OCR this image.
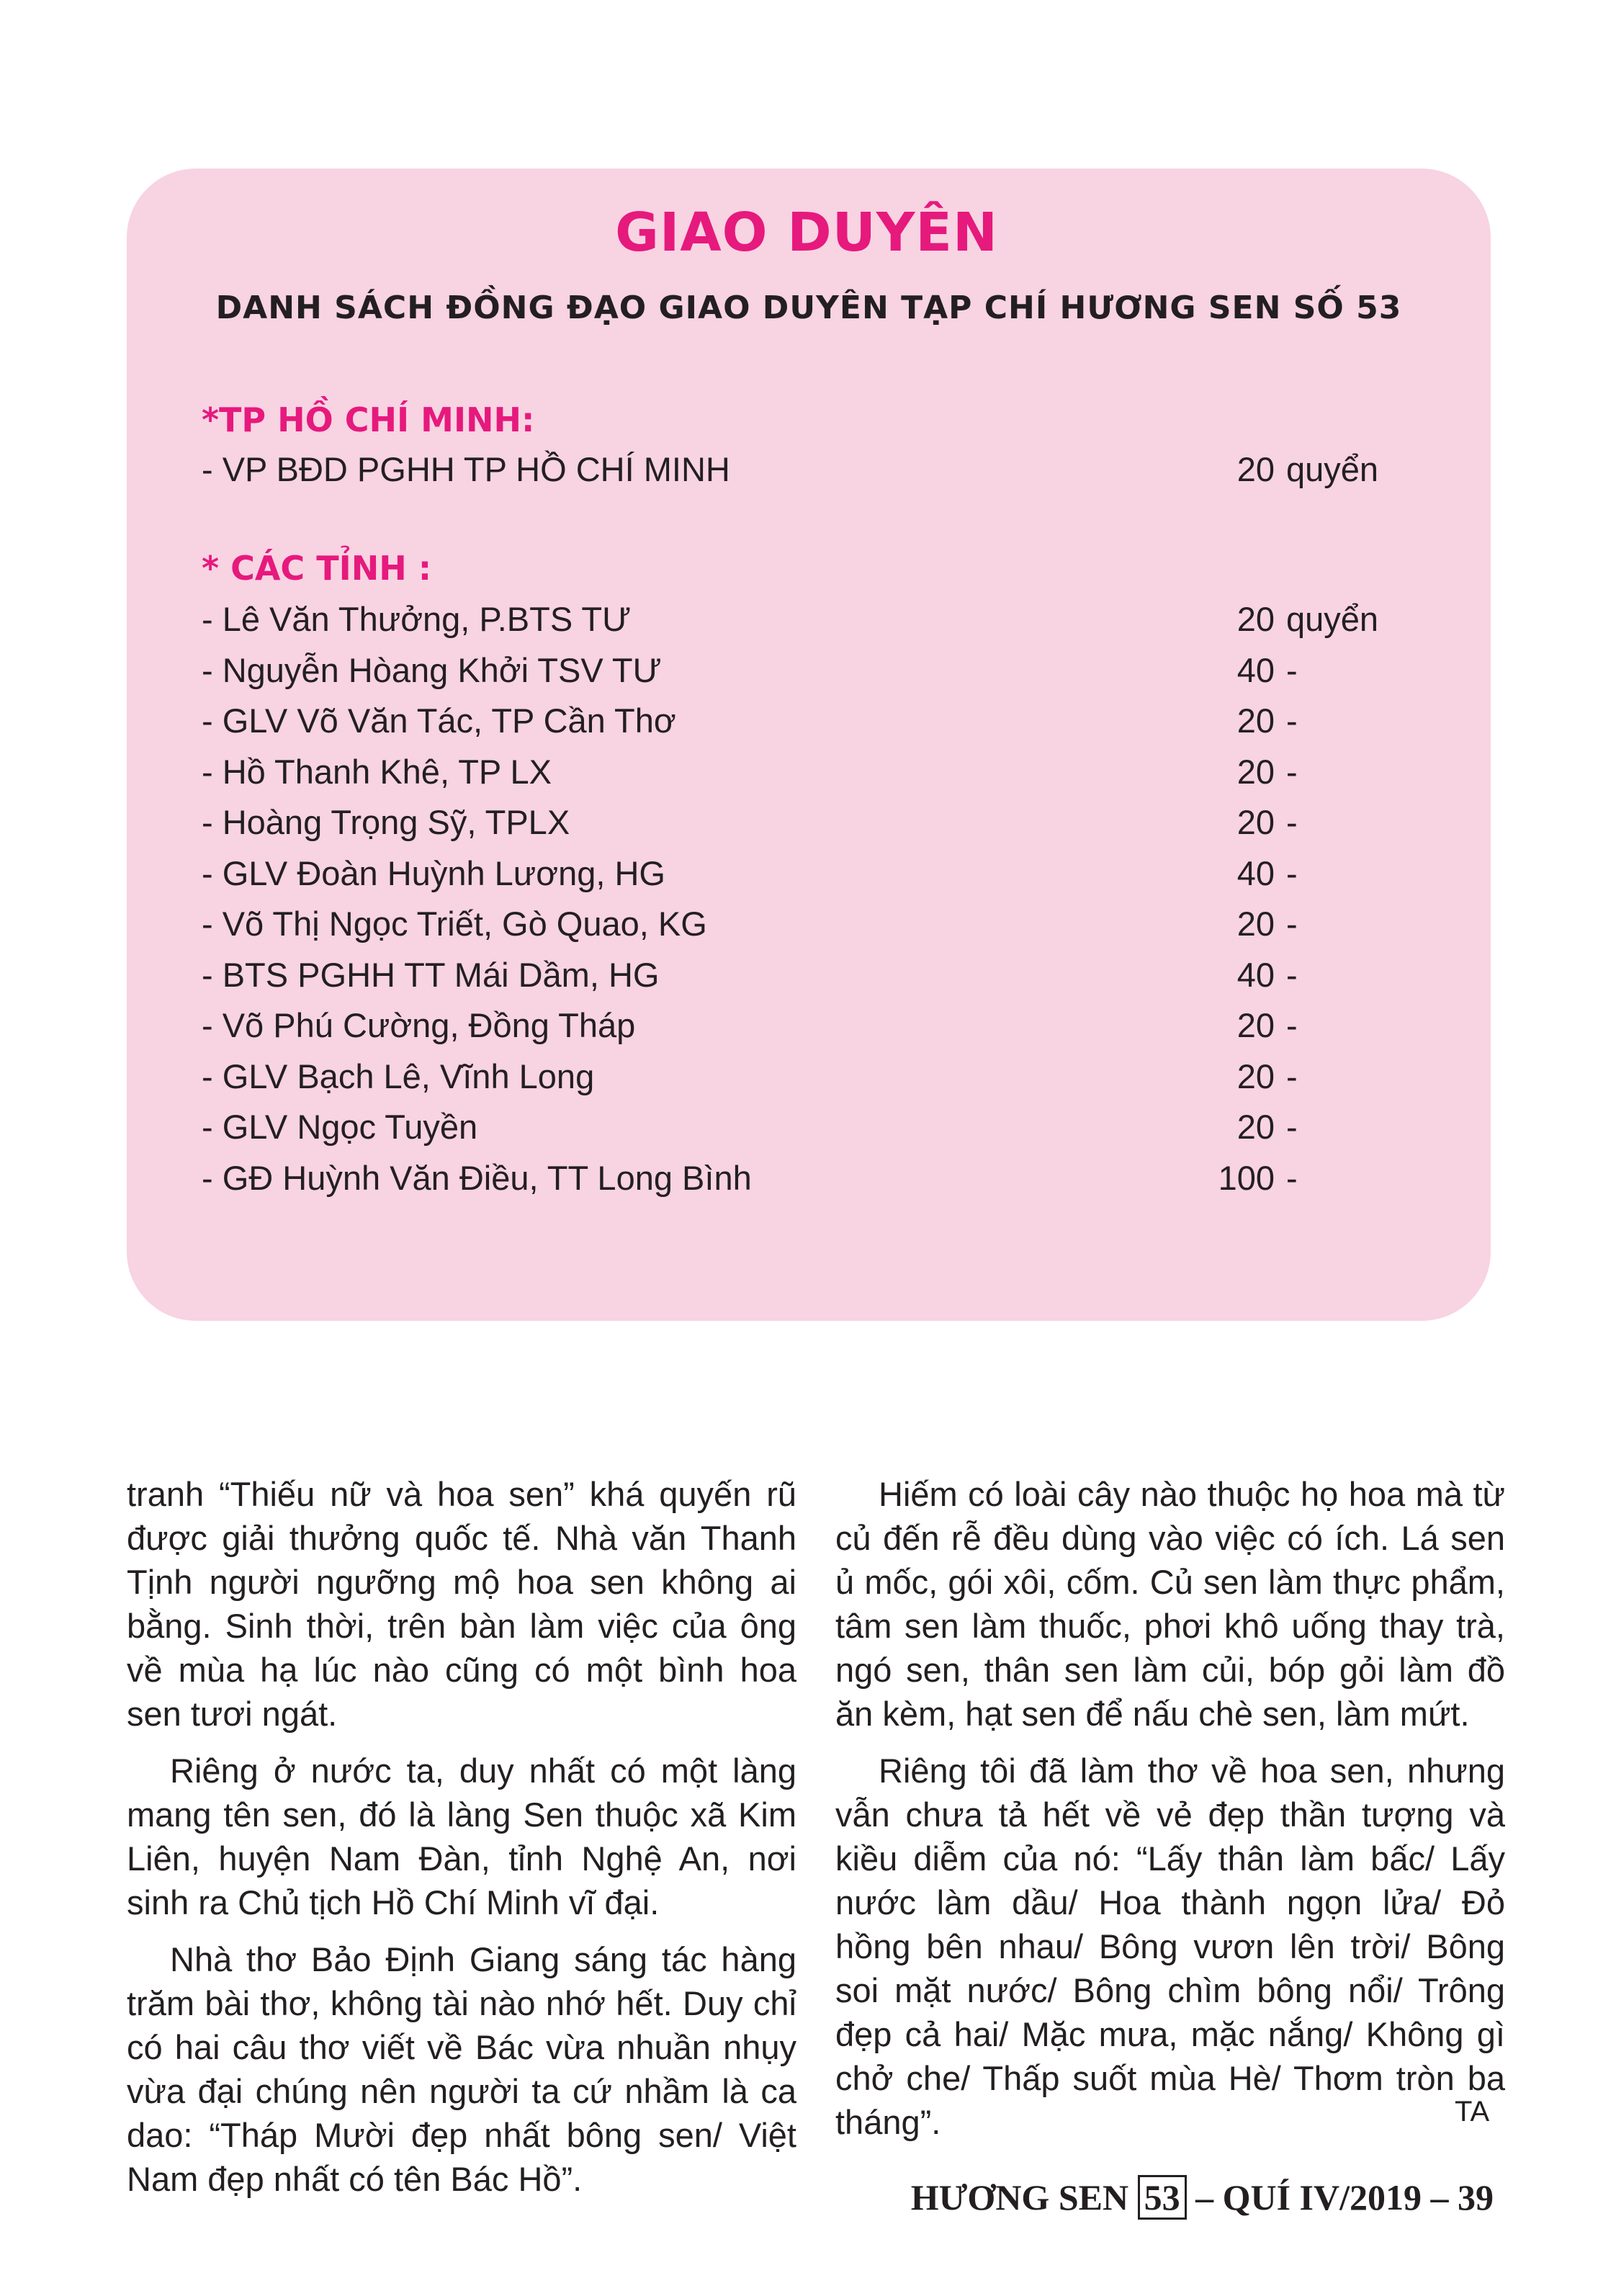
GIAO DUYÊN
DANH SÁCH ĐỒNG ĐẠO GIAO DUYÊN TẠP CHÍ HƯƠNG SEN SỐ 53
*TP HỒ CHÍ MINH:
- VP BĐD PGHH TP HỒ CHÍ MINH	20 quyển
* CÁC TỈNH :
- Lê Văn Thưởng, P.BTS TƯ	20 quyển
- Nguyễn Hòang Khởi TSV TƯ	40 -
- GLV Võ Văn Tác, TP Cần Thơ	20 -
- Hồ Thanh Khê, TP LX	20 -
- Hoàng Trọng Sỹ, TPLX	20 -
- GLV Đoàn Huỳnh Lương, HG	40 -
- Võ Thị Ngọc Triết, Gò Quao, KG	20 -
- BTS PGHH TT Mái Dầm, HG	40 -
- Võ Phú Cường, Đồng Tháp	20 -
- GLV Bạch Lê, Vĩnh Long	20 -
- GLV Ngọc Tuyền	20 -
- GĐ Huỳnh Văn Điều, TT Long Bình	100 -

tranh “Thiếu nữ và hoa sen” khá quyến rũ được giải thưởng quốc tế. Nhà văn Thanh Tịnh người ngưỡng mộ hoa sen không ai bằng. Sinh thời, trên bàn làm việc của ông về mùa hạ lúc nào cũng có một bình hoa sen tươi ngát.

Riêng ở nước ta, duy nhất có một làng mang tên sen, đó là làng Sen thuộc xã Kim Liên, huyện Nam Đàn, tỉnh Nghệ An, nơi sinh ra Chủ tịch Hồ Chí Minh vĩ đại.

Nhà thơ Bảo Định Giang sáng tác hàng trăm bài thơ, không tài nào nhớ hết. Duy chỉ có hai câu thơ viết về Bác vừa nhuần nhụy vừa đại chúng nên người ta cứ nhầm là ca dao: “Tháp Mười đẹp nhất bông sen/ Việt Nam đẹp nhất có tên Bác Hồ”.

Hiếm có loài cây nào thuộc họ hoa mà từ củ đến rễ đều dùng vào việc có ích. Lá sen ủ mốc, gói xôi, cốm. Củ sen làm thực phẩm, tâm sen làm thuốc, phơi khô uống thay trà, ngó sen, thân sen làm củi, bóp gỏi làm đồ ăn kèm, hạt sen để nấu chè sen, làm mứt.

Riêng tôi đã làm thơ về hoa sen, nhưng vẫn chưa tả hết về vẻ đẹp thần tượng và kiều diễm của nó: “Lấy thân làm bấc/ Lấy nước làm dầu/ Hoa thành ngọn lửa/ Đỏ hồng bên nhau/ Bông vươn lên trời/ Bông soi mặt nước/ Bông chìm bông nổi/ Trông đẹp cả hai/ Mặc mưa, mặc nắng/ Không gì chở che/ Thấp suốt mùa Hè/ Thơm tròn ba tháng”.	TA
HƯƠNG SEN 53 – QUÍ IV/2019 – 39
